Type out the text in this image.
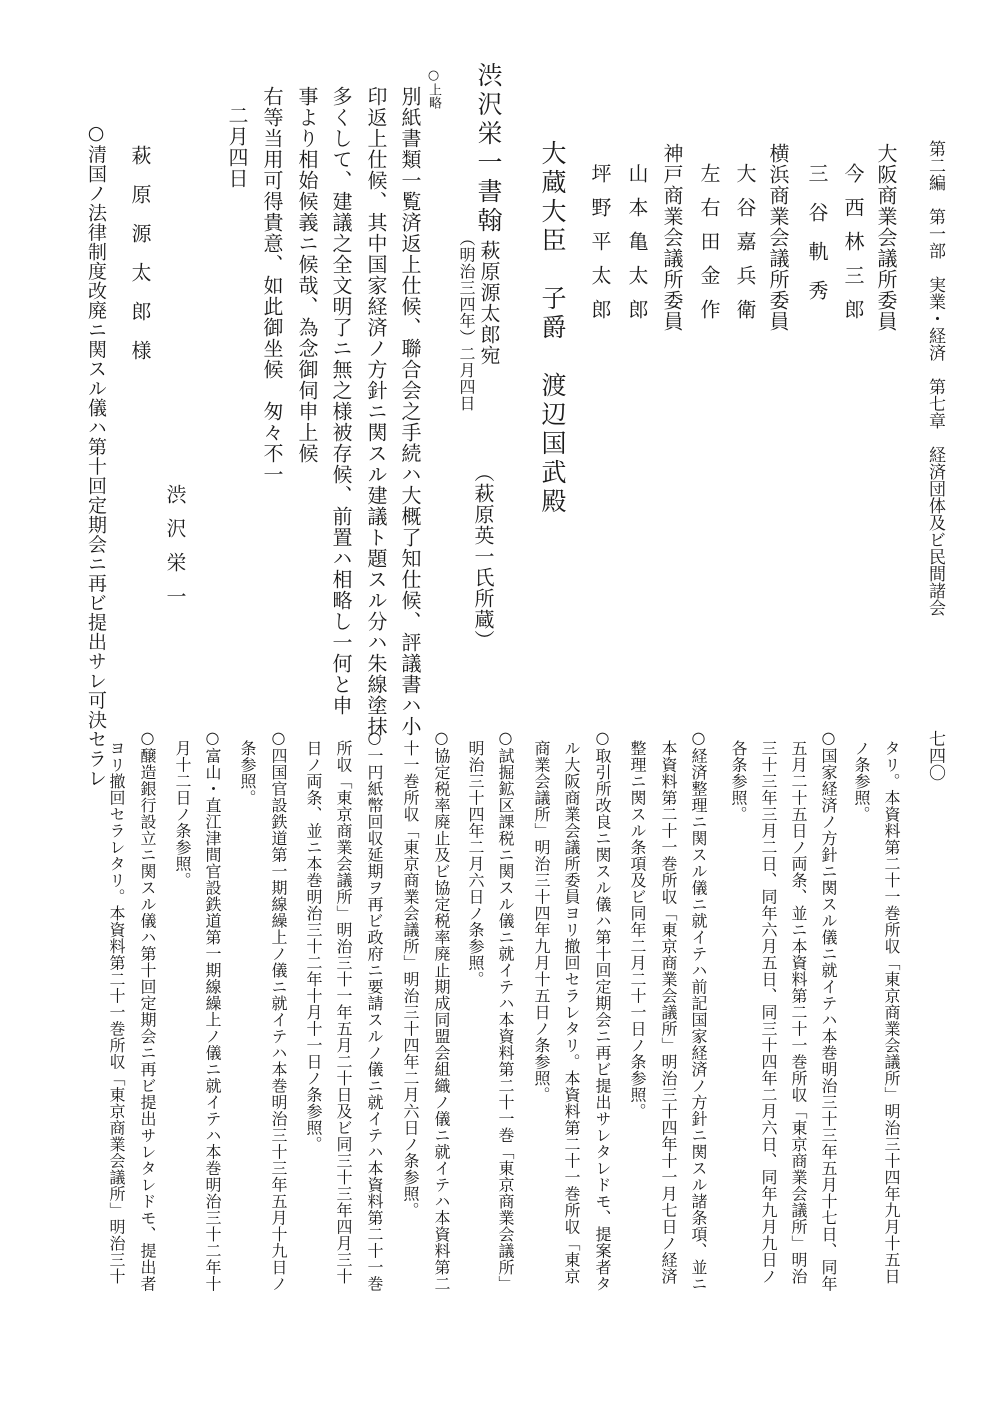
第二編　第一部　実業・経済　第七章　経済団体及ビ民間諸会
七四〇
大阪商業会議所委員
今西林三郎
三谷軌秀
横浜商業会議所委員
大谷嘉兵衛
左右田金作
神戸商業会議所委員
山本亀太郎
坪野平太郎
大蔵大臣　子爵　渡辺国武殿
渋沢栄一書翰
萩原源太郎宛
（明治三四年）二月四日
（萩原英一氏所蔵）
○上略
別紙書類一覧済返上仕候、聯合会之手続ハ大概了知仕候、評議書ハ小
印返上仕候、其中国家経済ノ方針ニ関スル建議ト題スル分ハ朱線塗抹
多くして、建議之全文明了ニ無之様被存候、前置ハ相略し一何と申
事より相始候義ニ候哉、為念御伺申上候
右等当用可得貴意、如此御坐候　匆々不一
二月四日
渋沢栄一
萩原源太郎様
○清国ノ法律制度改廃ニ関スル儀ハ第十回定期会ニ再ビ提出サレ可決セラレ
タリ。本資料第二十一巻所収「東京商業会議所」明治三十四年九月十五日
ノ条参照。
○国家経済ノ方針ニ関スル儀ニ就イテハ本巻明治三十三年五月十七日、同年
五月二十五日ノ両条、並ニ本資料第二十一巻所収「東京商業会議所」明治
三十三年三月二日、同年六月五日、同三十四年二月六日、同年九月九日ノ
各条参照。
○経済整理ニ関スル儀ニ就イテハ前記国家経済ノ方針ニ関スル諸条項、並ニ
本資料第二十一巻所収「東京商業会議所」明治三十四年十一月七日ノ経済
整理ニ関スル条項及ビ同年二月二十一日ノ条参照。
○取引所改良ニ関スル儀ハ第十回定期会ニ再ビ提出サレタレドモ、提案者タ
ル大阪商業会議所委員ヨリ撤回セラレタリ。本資料第二十一巻所収「東京
商業会議所」明治三十四年九月十五日ノ条参照。
○試掘鉱区課税ニ関スル儀ニ就イテハ本資料第二十一巻「東京商業会議所」
明治三十四年二月六日ノ条参照。
○協定税率廃止及ビ協定税率廃止期成同盟会組織ノ儀ニ就イテハ本資料第二
十一巻所収「東京商業会議所」明治三十四年二月六日ノ条参照。
○一円紙幣回収延期ヲ再ビ政府ニ要請スルノ儀ニ就イテハ本資料第二十一巻
所収「東京商業会議所」明治三十一年五月二十日及ビ同三十三年四月三十
日ノ両条、並ニ本巻明治三十二年十月十一日ノ条参照。
○四国官設鉄道第一期線繰上ノ儀ニ就イテハ本巻明治三十三年五月十九日ノ
条参照。
○富山・直江津間官設鉄道第一期線繰上ノ儀ニ就イテハ本巻明治三十二年十
月十二日ノ条参照。
○醸造銀行設立ニ関スル儀ハ第十回定期会ニ再ビ提出サレタレドモ、提出者
ヨリ撤回セラレタリ。本資料第二十一巻所収「東京商業会議所」明治三十
